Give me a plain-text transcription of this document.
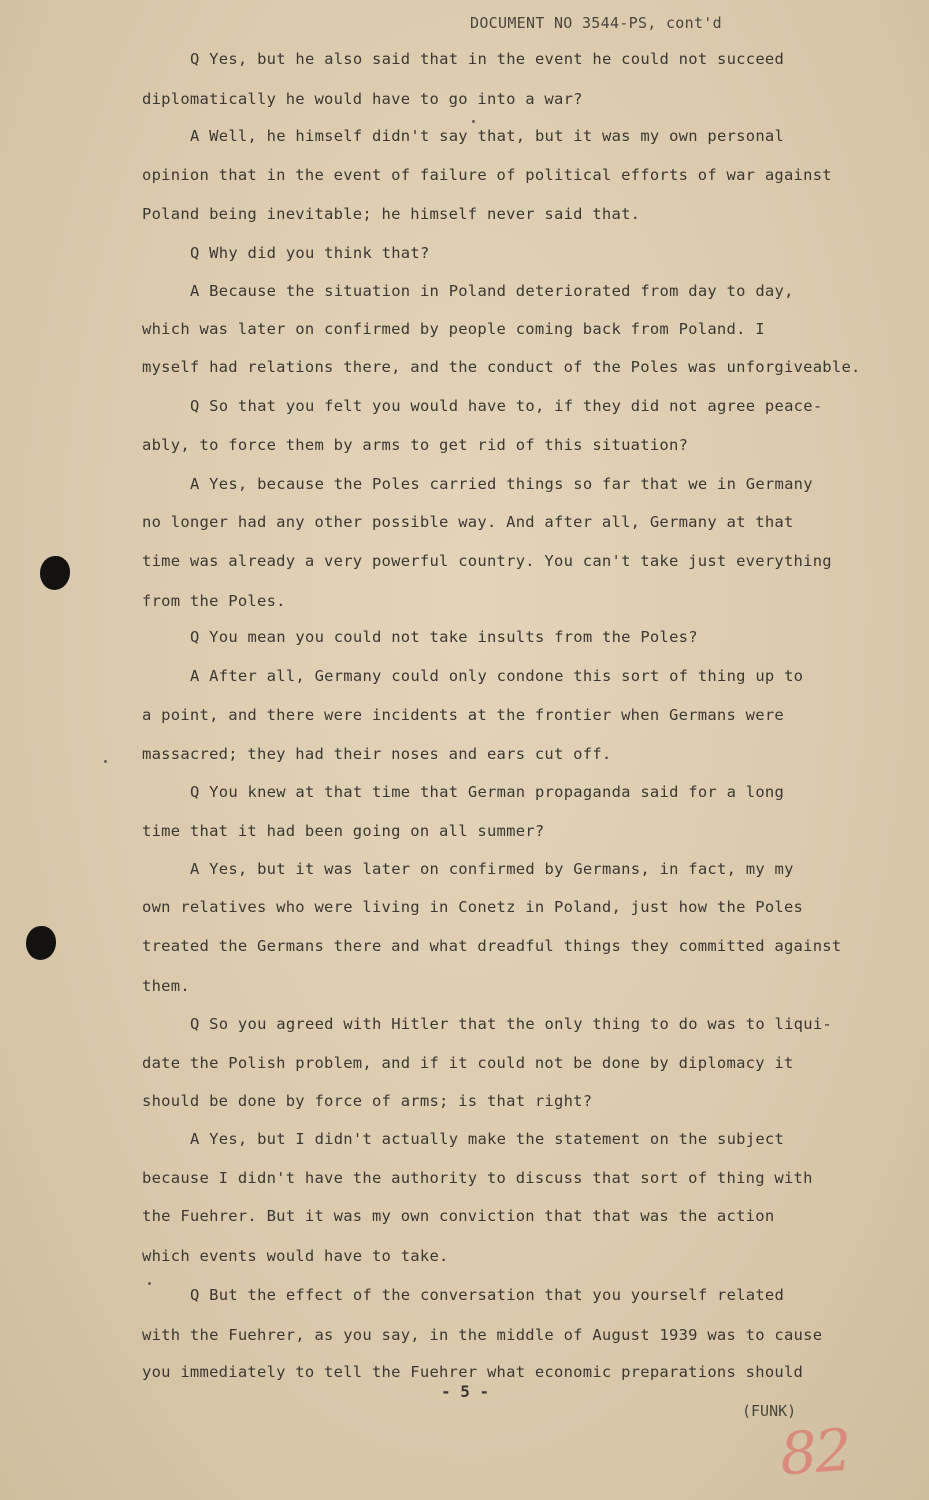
DOCUMENT NO 3544-PS, cont'd
Q Yes, but he also said that in the event he could not succeed
diplomatically he would have to go into a war?
A Well, he himself didn't say that, but it was my own personal
opinion that in the event of failure of political efforts of war against
Poland being inevitable; he himself never said that.
Q Why did you think that?
A Because the situation in Poland deteriorated from day to day,
which was later on confirmed by people coming back from Poland. I
myself had relations there, and the conduct of the Poles was unforgiveable.
Q So that you felt you would have to, if they did not agree peace-
ably, to force them by arms to get rid of this situation?
A Yes, because the Poles carried things so far that we in Germany
no longer had any other possible way. And after all, Germany at that
time was already a very powerful country. You can't take just everything
from the Poles.
Q You mean you could not take insults from the Poles?
A After all, Germany could only condone this sort of thing up to
a point, and there were incidents at the frontier when Germans were
massacred; they had their noses and ears cut off.
Q You knew at that time that German propaganda said for a long
time that it had been going on all summer?
A Yes, but it was later on confirmed by Germans, in fact, my my
own relatives who were living in Conetz in Poland, just how the Poles
treated the Germans there and what dreadful things they committed against
them.
Q So you agreed with Hitler that the only thing to do was to liqui-
date the Polish problem, and if it could not be done by diplomacy it
should be done by force of arms; is that right?
A Yes, but I didn't actually make the statement on the subject
because I didn't have the authority to discuss that sort of thing with
the Fuehrer. But it was my own conviction that that was the action
which events would have to take.
Q But the effect of the conversation that you yourself related
with the Fuehrer, as you say, in the middle of August 1939 was to cause
you immediately to tell the Fuehrer what economic preparations should
- 5 -
(FUNK)
82
